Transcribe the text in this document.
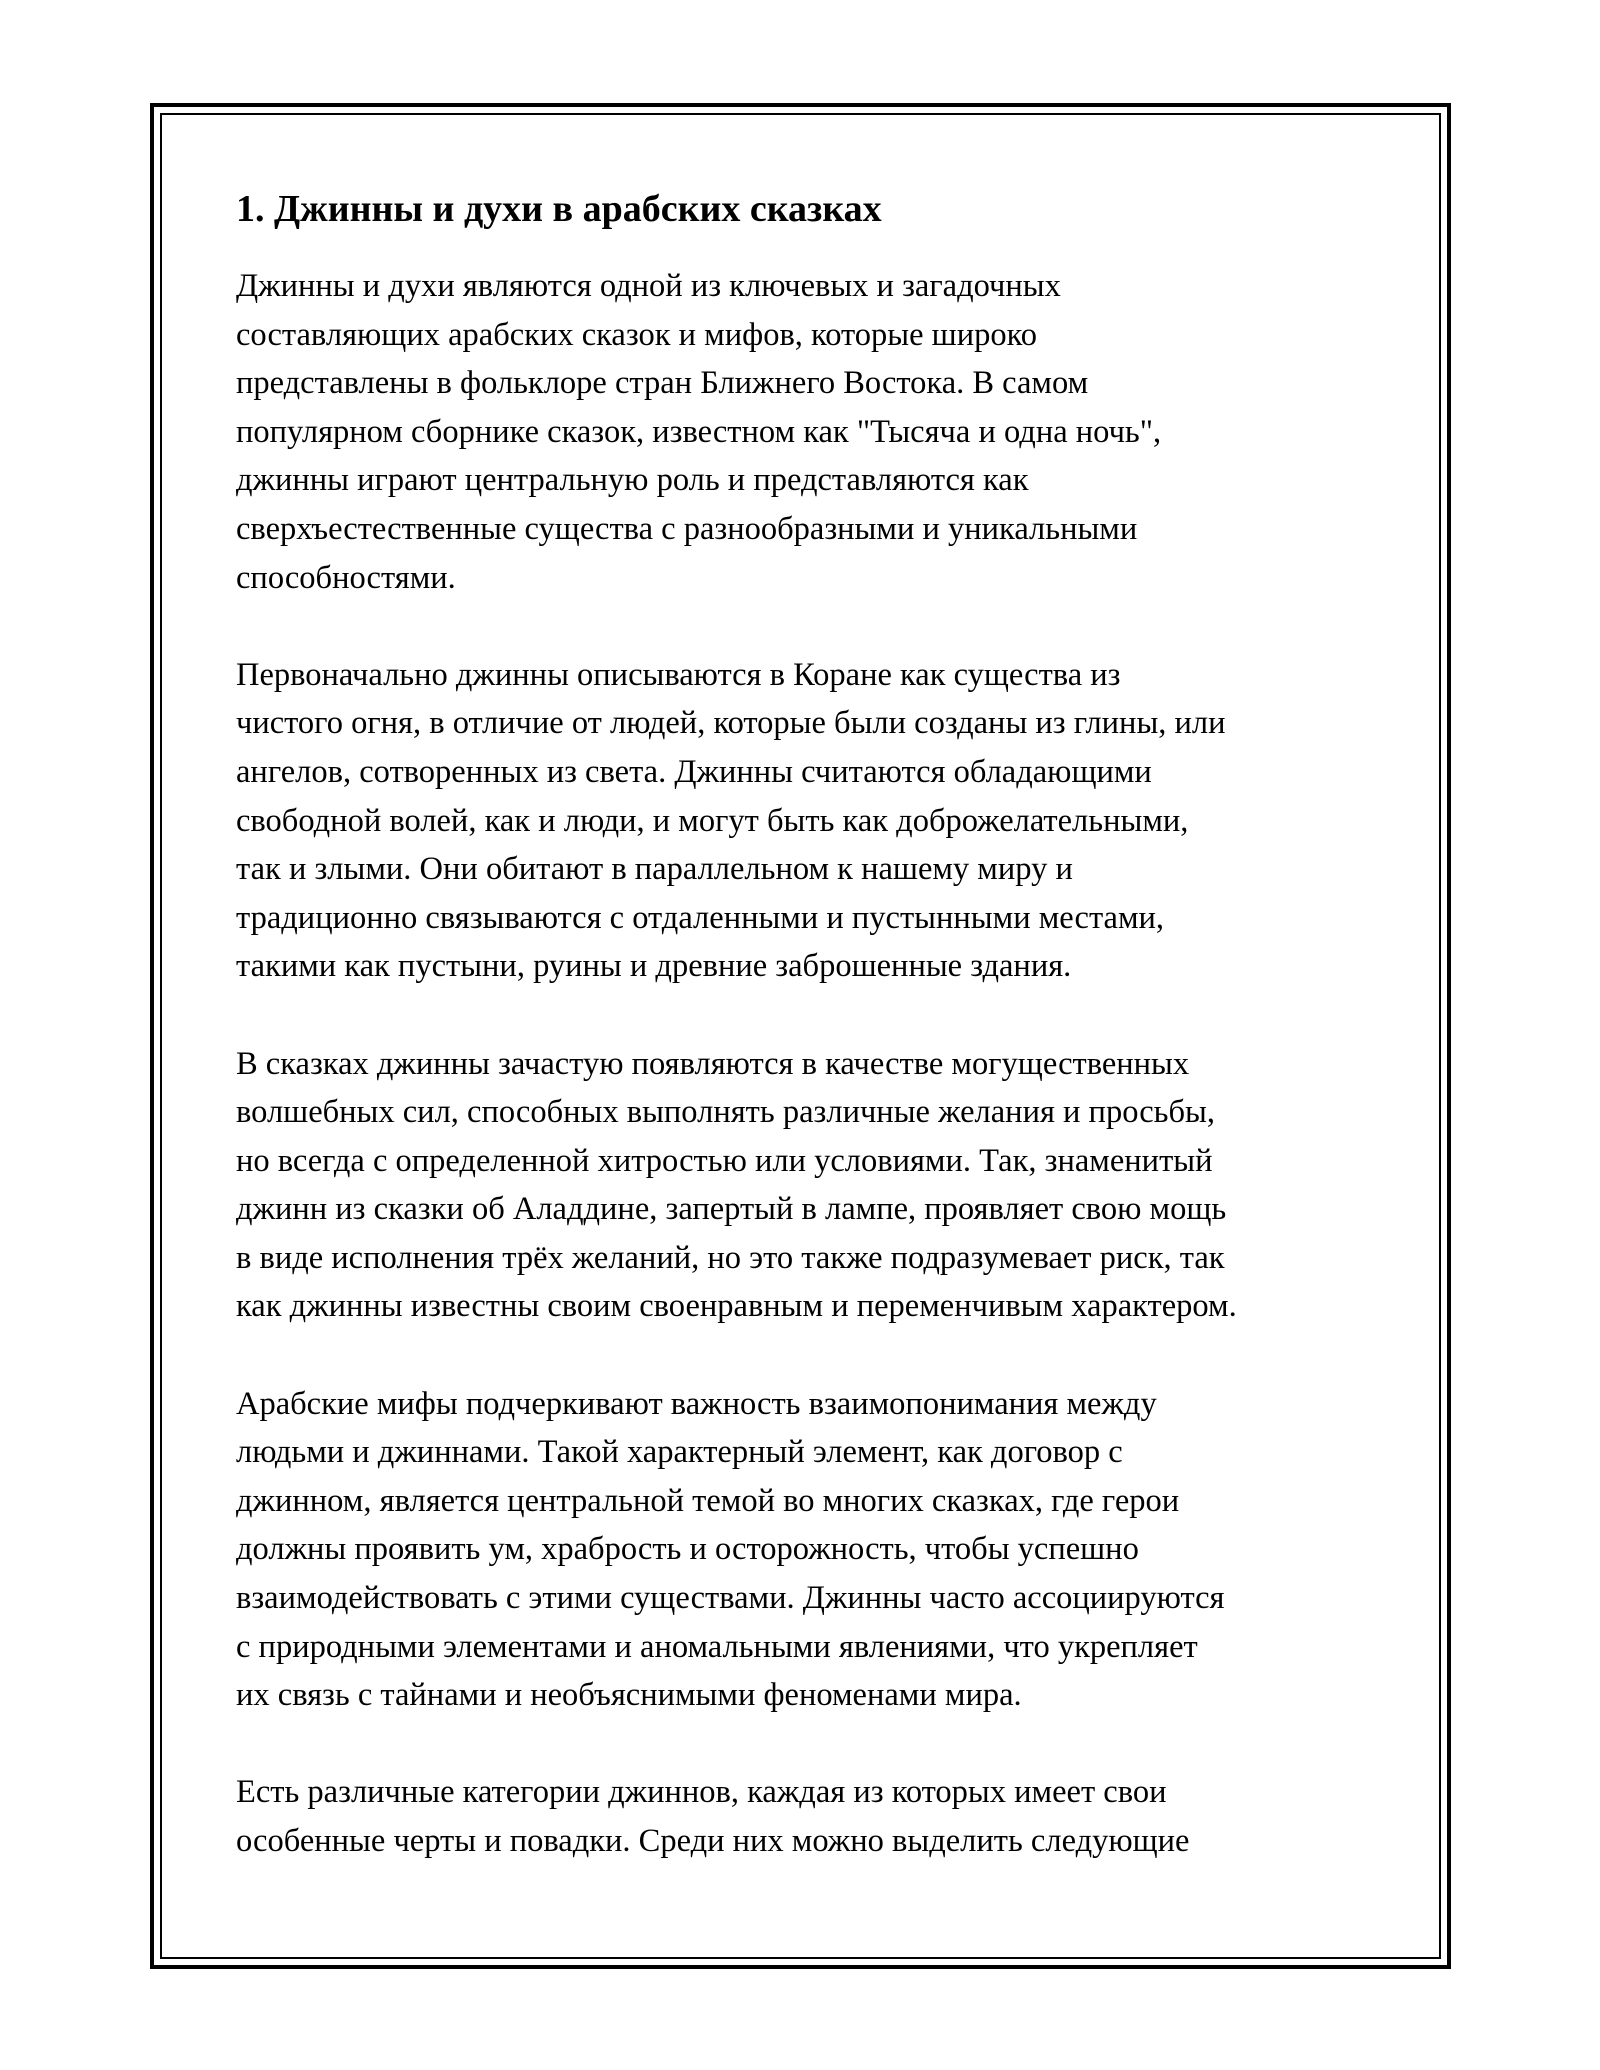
1. Джинны и духи в арабских сказках

Джинны и духи являются одной из ключевых и загадочных
составляющих арабских сказок и мифов, которые широко
представлены в фольклоре стран Ближнего Востока. В самом
популярном сборнике сказок, известном как "Тысяча и одна ночь",
джинны играют центральную роль и представляются как
сверхъестественные существа с разнообразными и уникальными
способностями.

Первоначально джинны описываются в Коране как существа из
чистого огня, в отличие от людей, которые были созданы из глины, или
ангелов, сотворенных из света. Джинны считаются обладающими
свободной волей, как и люди, и могут быть как доброжелательными,
так и злыми. Они обитают в параллельном к нашему миру и
традиционно связываются с отдаленными и пустынными местами,
такими как пустыни, руины и древние заброшенные здания.

В сказках джинны зачастую появляются в качестве могущественных
волшебных сил, способных выполнять различные желания и просьбы,
но всегда с определенной хитростью или условиями. Так, знаменитый
джинн из сказки об Аладдине, запертый в лампе, проявляет свою мощь
в виде исполнения трёх желаний, но это также подразумевает риск, так
как джинны известны своим своенравным и переменчивым характером.

Арабские мифы подчеркивают важность взаимопонимания между
людьми и джиннами. Такой характерный элемент, как договор с
джинном, является центральной темой во многих сказках, где герои
должны проявить ум, храбрость и осторожность, чтобы успешно
взаимодействовать с этими существами. Джинны часто ассоциируются
с природными элементами и аномальными явлениями, что укрепляет
их связь с тайнами и необъяснимыми феноменами мира.

Есть различные категории джиннов, каждая из которых имеет свои
особенные черты и повадки. Среди них можно выделить следующие
